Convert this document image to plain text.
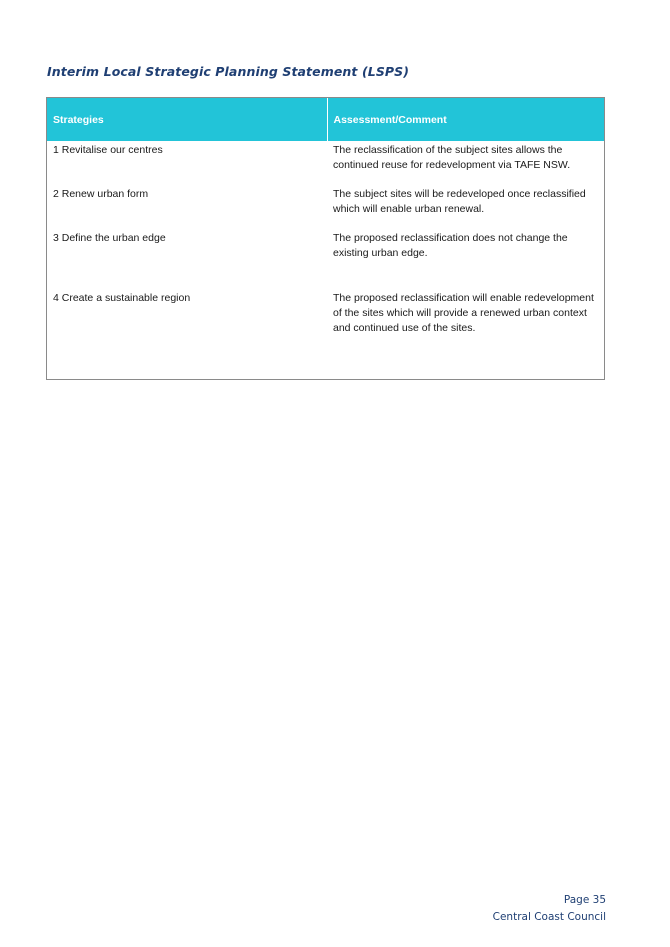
Interim Local Strategic Planning Statement (LSPS)
Strategies	Assessment/Comment
1 Revitalise our centres	The reclassification of the subject sites allows the continued reuse for redevelopment via TAFE NSW.
2 Renew urban form	The subject sites will be redeveloped once reclassified which will enable urban renewal.
3 Define the urban edge	The proposed reclassification does not change the existing urban edge.
4 Create a sustainable region	The proposed reclassification will enable redevelopment of the sites which will provide a renewed urban context and continued use of the sites.
Page 35
Central Coast Council
